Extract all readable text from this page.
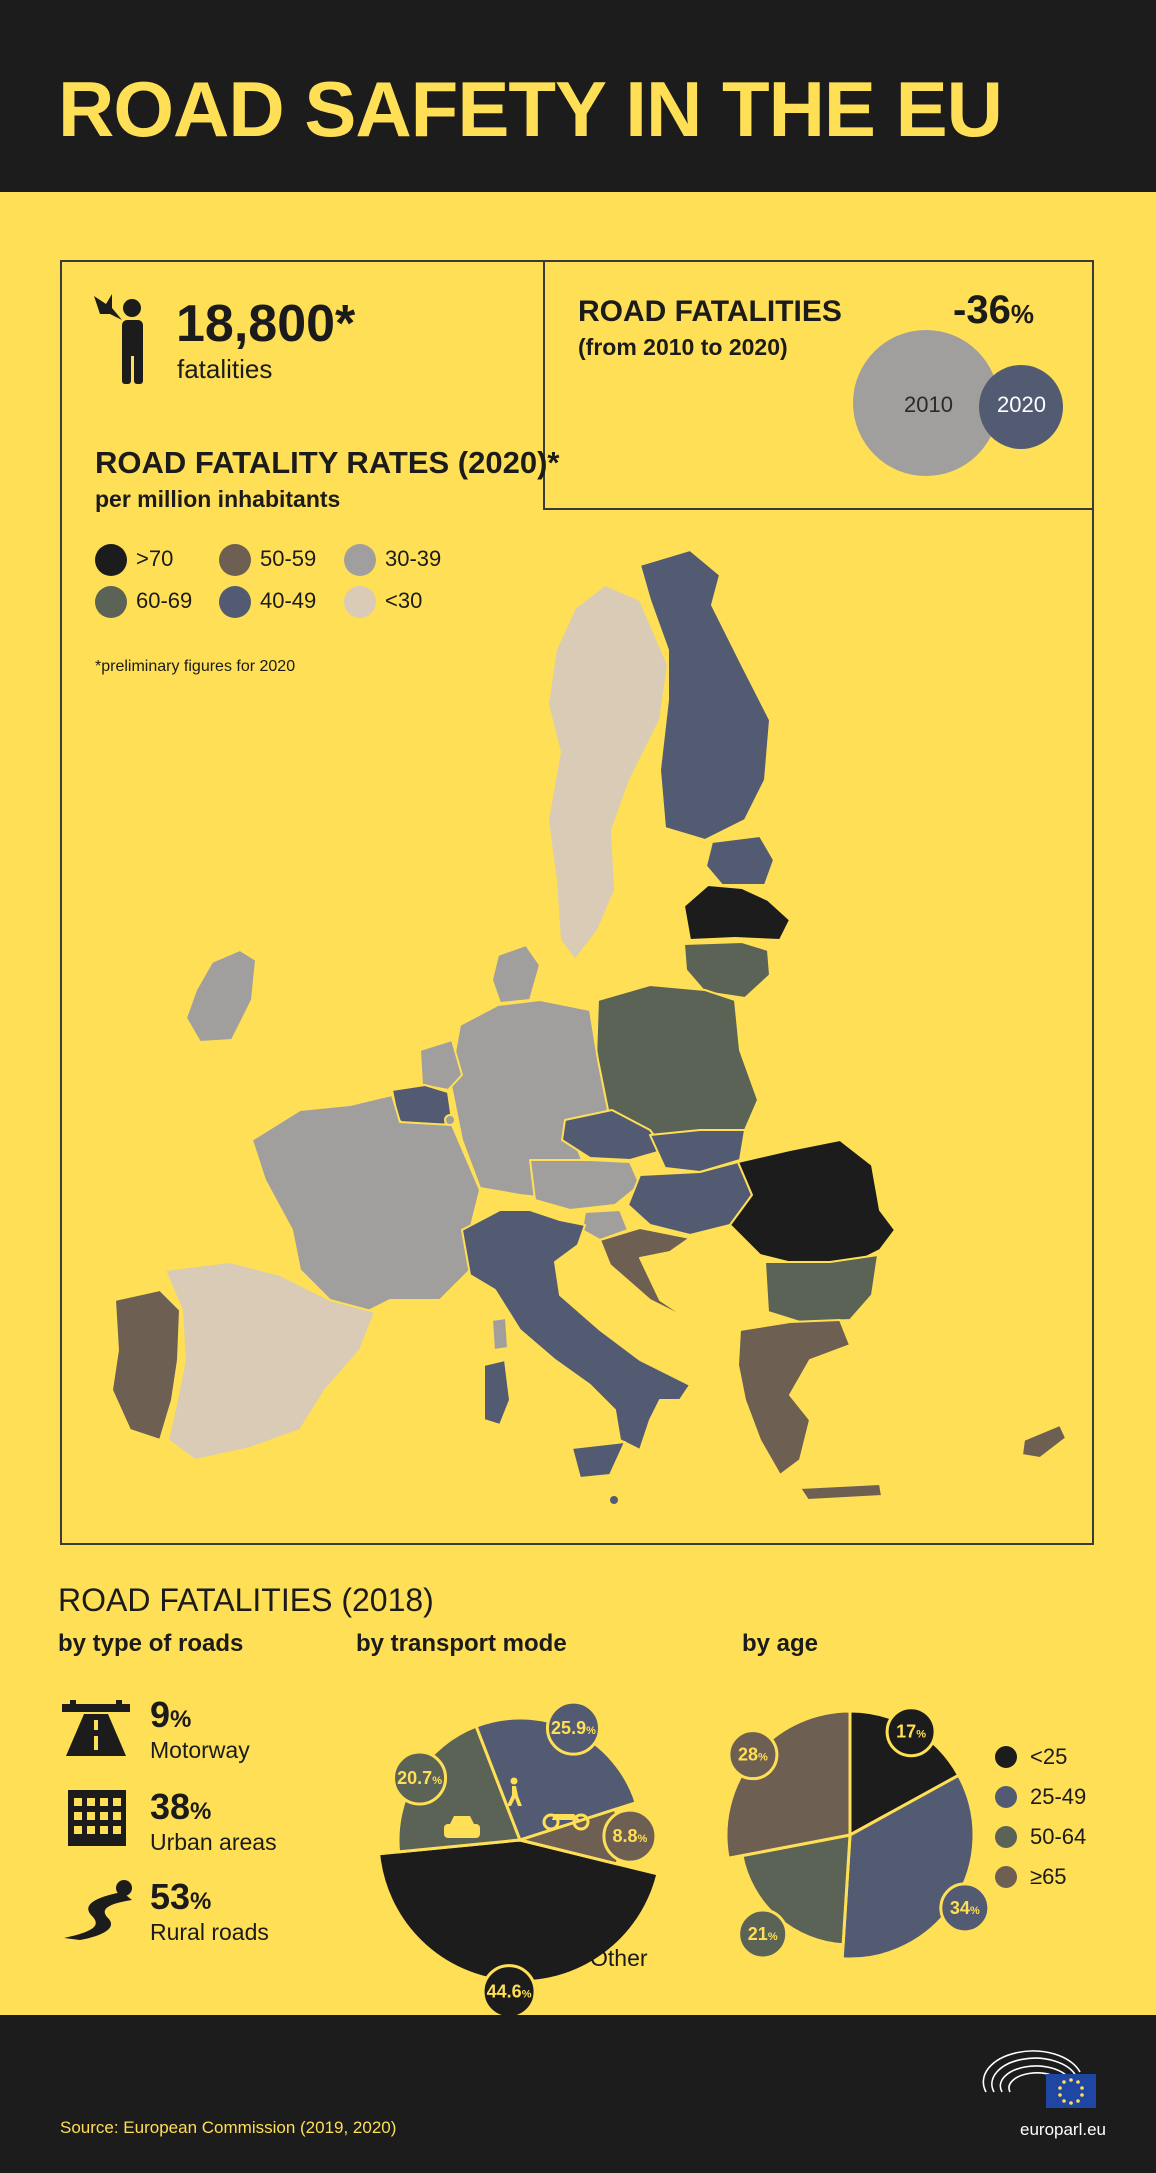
ROAD SAFETY IN THE EU
18,800*
fatalities
ROAD FATALITY RATES (2020)*
per million inhabitants
>70
60-69
50-59
40-49
30-39
<30
*preliminary figures for 2020
ROAD FATALITIES
(from 2010 to 2020)
-36%
2010 2020
ROAD FATALITIES (2018)
by type of roads	by transport mode	by age
9%
Motorway
38%
Urban areas
53%
Rural roads
44.6%
20.7%
25.9%
8.8%
Other
17%
34%
21%
28%	<25
25-49
50-64
≥65
Source: European Commission (2019, 2020)	europarl.eu
